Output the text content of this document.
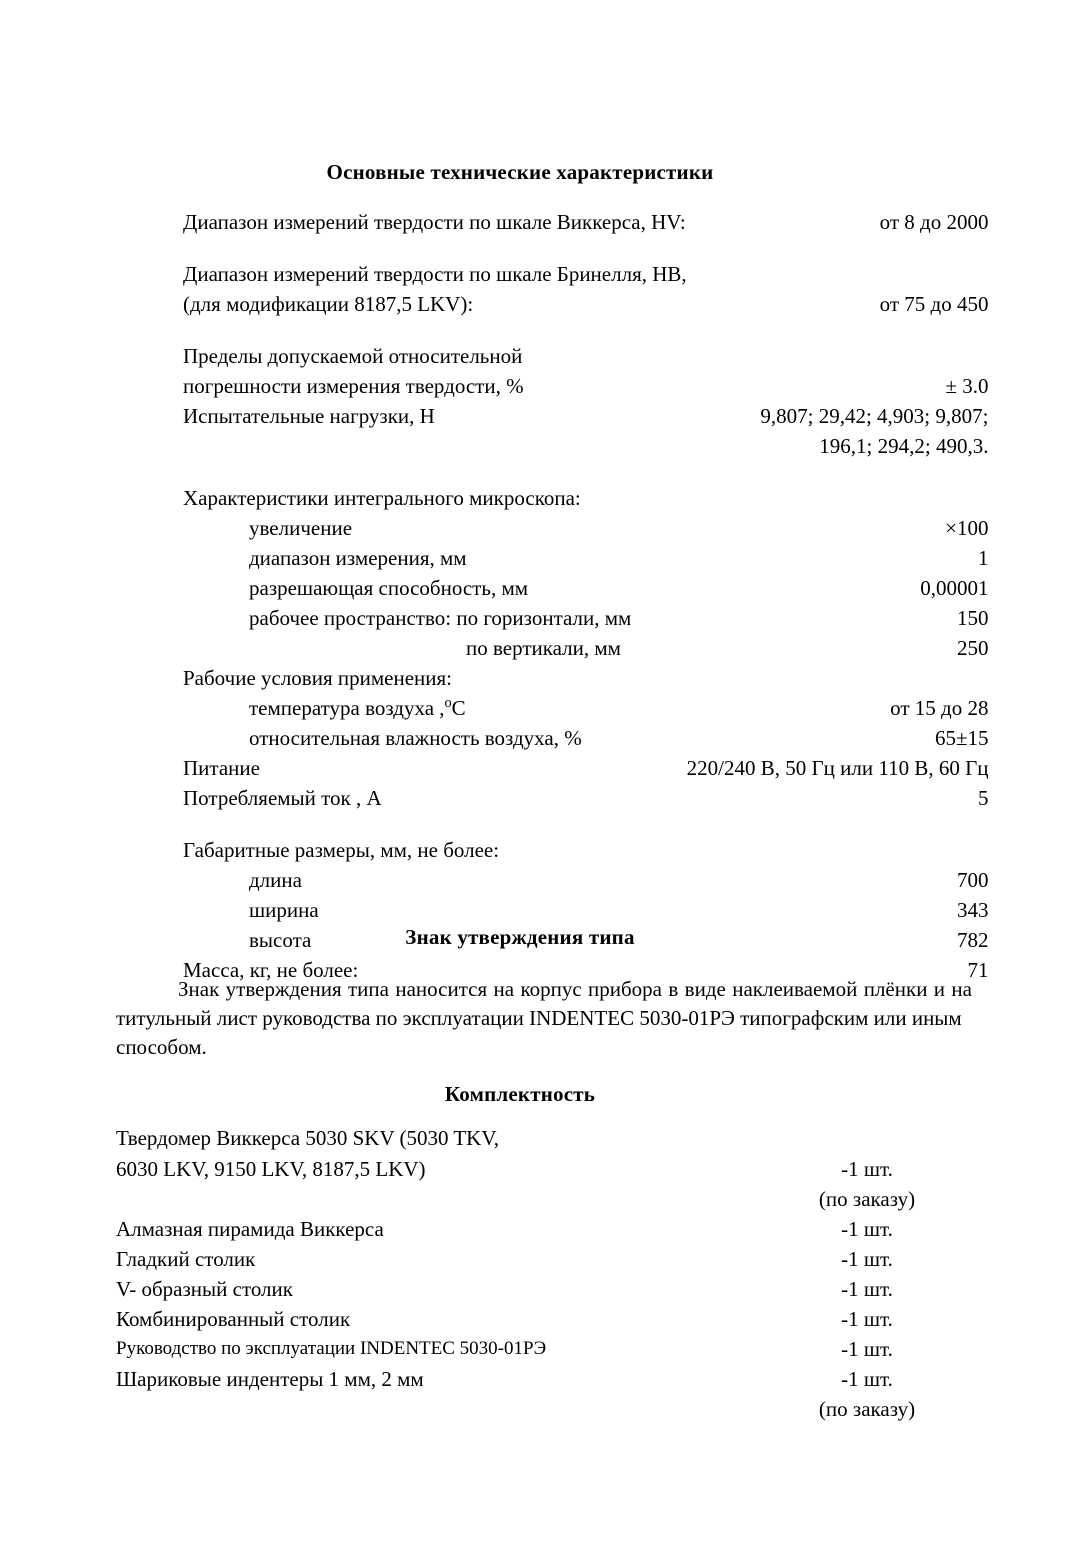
Основные технические характеристики
Диапазон измерений твердости по шкале Виккерса, HV:	от 8 до 2000

Диапазон измерений твердости по шкале Бринелля, НВ,	
(для модификации 8187,5 LKV):	от 75 до 450

Пределы допускаемой относительной	
погрешности измерения твердости, %	± 3.0
Испытательные нагрузки, Н	9,807; 29,42; 4,903; 9,807;
	196,1; 294,2; 490,3.

Характеристики интегрального микроскопа:	
увеличение	×100
диапазон измерения, мм	1
разрешающая способность, мм	0,00001
рабочее пространство: по горизонтали, мм	150
по вертикали, мм	250
Рабочие условия применения:	
температура воздуха ,$^o$С	от 15 до 28
относительная влажность воздуха, %	65±15
Питание	220/240 В, 50 Гц или 110 В, 60 Гц
Потребляемый ток , А	5

Габаритные размеры, мм, не более:	
длина	700
ширина	343
высота	782
Масса, кг, не более:	71
Знак утверждения типа
Знак утверждения типа наносится на корпус прибора в виде наклеиваемой плёнки и на титульный лист руководства по эксплуатации INDENTEC 5030-01РЭ типографским или иным
способом.
Комплектность
Твердомер Виккерса 5030 SKV (5030 TKV,	
6030 LKV, 9150 LKV, 8187,5 LKV)	-1 шт.
	(по заказу)
Алмазная пирамида Виккерса	-1 шт.
Гладкий столик	-1 шт.
V- образный столик	-1 шт.
Комбинированный столик	-1 шт.
Руководство по эксплуатации INDENTEC 5030-01РЭ	-1 шт.
Шариковые индентеры 1 мм, 2 мм	-1 шт.
	(по заказу)
